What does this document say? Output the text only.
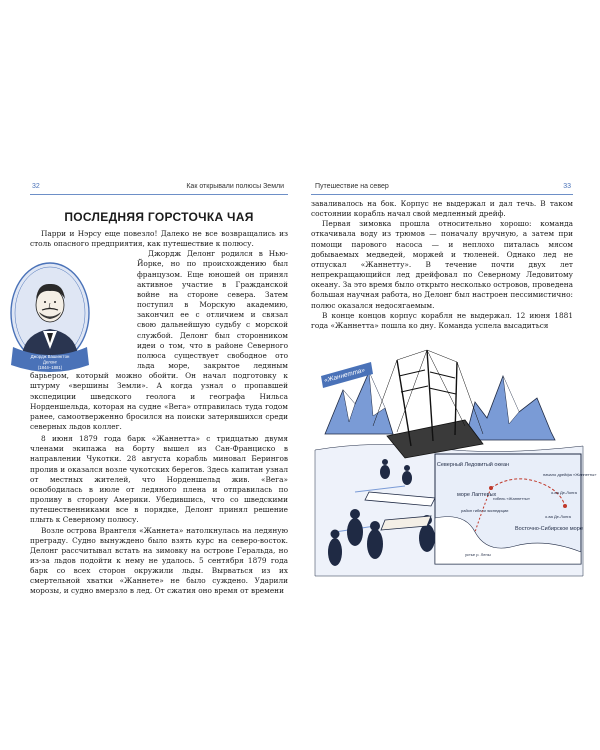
32	Как открывали полюсы Земли
ПОСЛЕДНЯЯ ГОРСТОЧКА ЧАЯ

Парри и Нэрсу еще повезло! Далеко не все возвращались из столь опасного предприятия, как путешествие к полюсу.

Джордж Делонг родился в Нью-Йорке, но по происхождению был французом. Еще юношей он принял активное участие в Гражданской войне на стороне севера. Затем поступил в Морскую академию, закончил ее с отличием и связал свою дальнейшую судьбу с морской службой. Делонг был сторонником идеи о том, что в районе Северного полюса существует свободное ото льда море, закрытое ледяным барьером, который можно обойти. Он начал подготовку к штурму «вершины Земли». А когда узнал о пропавшей экспедиции шведского геолога и географа Нильса Норденшельда, которая на судне «Вега» отправилась туда годом ранее, самоотверженно бросился на поиски затерявшихся среди северных льдов коллег.

8 июня 1879 года барк «Жаннетта» с тридцатью двумя членами экипажа на борту вышел из Сан-Франциско в направлении Чукотки. 28 августа корабль миновал Берингов пролив и оказался возле чукотских берегов. Здесь капитан узнал от местных жителей, что Норденшельд жив. «Вега» освободилась в июле от ледяного плена и отправилась по проливу в сторону Америки. Убедившись, что со шведскими путешественниками все в порядке, Делонг принял решение плыть к Северному полюсу.

Возле острова Врангеля «Жаннета» натолкнулась на ледяную преграду. Судно вынуждено было взять курс на северо-восток. Делонг рассчитывал встать на зимовку на острове Геральда, но из-за льдов подойти к нему не удалось. 5 сентября 1879 года барк со всех сторон окружили льды. Вырваться из их смертельной хватки «Жаннете» не было суждено. Ударили морозы, и судно вмерзло в лед. От сжатия оно время от времени

Джордж Вашингтон
Делонг
(1844–1881)
Путешествие на север	33

заваливалось на бок. Корпус не выдержал и дал течь. В таком состоянии корабль начал свой медленный дрейф.

Первая зимовка прошла относительно хорошо: команда откачивала воду из трюмов — поначалу вручную, а затем при помощи парового насоса — и неплохо питалась мясом добываемых медведей, моржей и тюленей. Однако лед не отпускал «Жаннетту». В течение почти двух лет непрекращающийся лед дрейфовал по Северному Ледовитому океану. За это время было открыто несколько островов, проведена большая научная работа, но Делонг был настроен пессимистично: полюс оказался недосягаемым.

В конце концов корпус корабля не выдержал. 12 июня 1881 года «Жаннетта» пошла ко дну. Команда успела высадиться

«Жаннетта»
Северный Ледовитый океан
море Лаптевых
Восточно-Сибирское море
начало дрейфа «Жаннетты»
гибель «Жаннетты»
о-ва Де-Лонга
о-ва Де-Лонга
район гибели экспедиции
устье р. Лены
